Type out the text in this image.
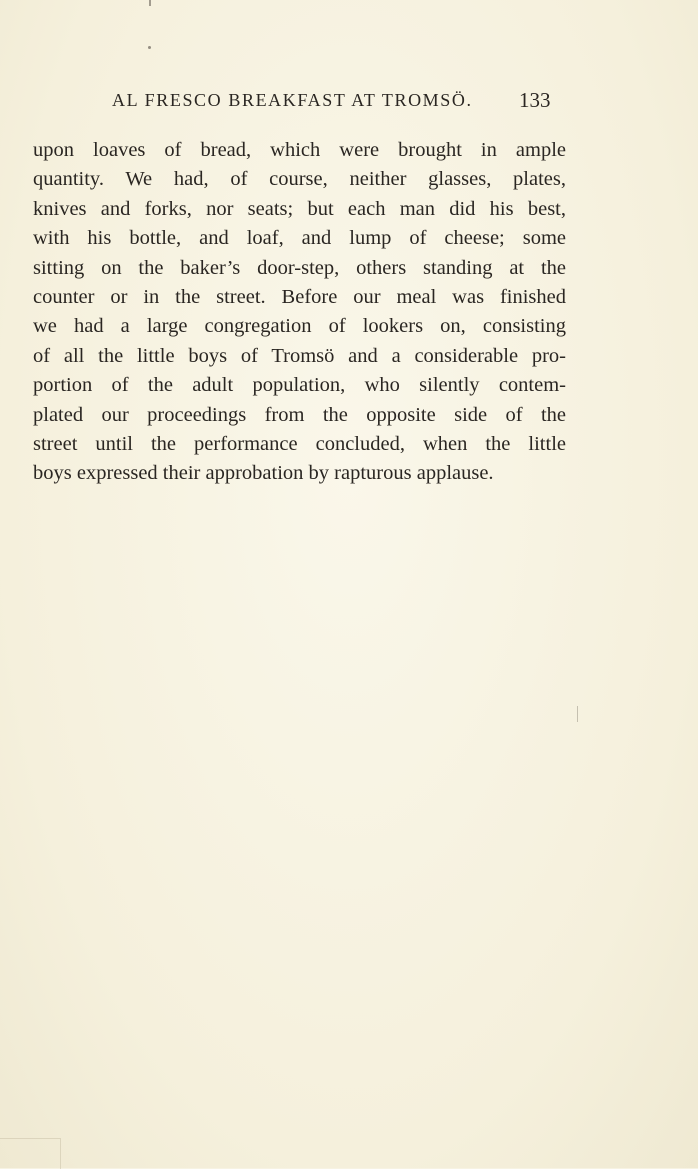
AL FRESCO BREAKFAST AT TROMSÖ. 133
upon loaves of bread, which were brought in ample
quantity. We had, of course, neither glasses, plates,
knives and forks, nor seats; but each man did his best,
with his bottle, and loaf, and lump of cheese; some
sitting on the baker’s door-step, others standing at the
counter or in the street. Before our meal was finished
we had a large congregation of lookers on, consisting
of all the little boys of Tromsö and a considerable pro-
portion of the adult population, who silently contem-
plated our proceedings from the opposite side of the
street until the performance concluded, when the little
boys expressed their approbation by rapturous applause.
